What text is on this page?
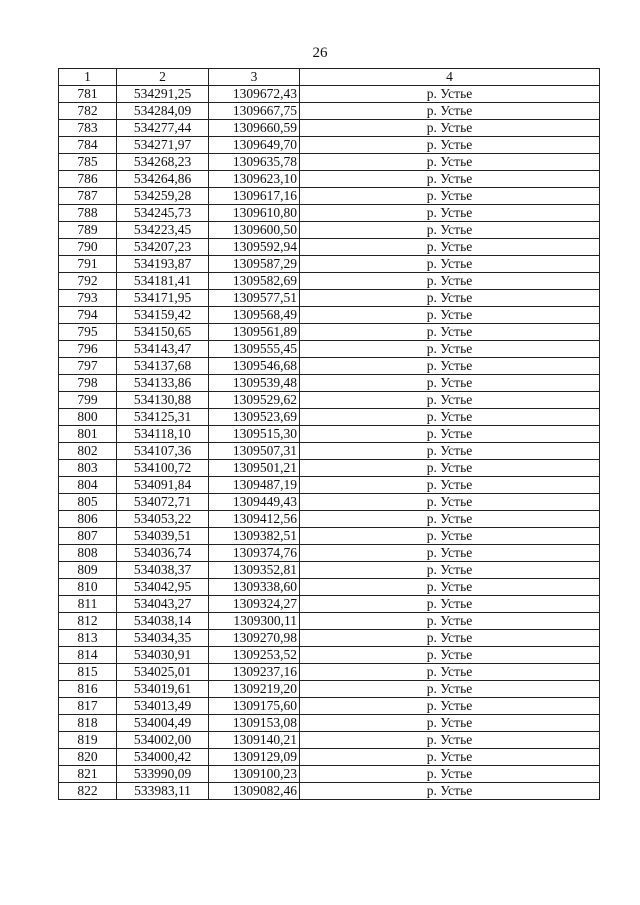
26
1	2	3	4
781	534291,25	1309672,43	р. Устье
782	534284,09	1309667,75	р. Устье
783	534277,44	1309660,59	р. Устье
784	534271,97	1309649,70	р. Устье
785	534268,23	1309635,78	р. Устье
786	534264,86	1309623,10	р. Устье
787	534259,28	1309617,16	р. Устье
788	534245,73	1309610,80	р. Устье
789	534223,45	1309600,50	р. Устье
790	534207,23	1309592,94	р. Устье
791	534193,87	1309587,29	р. Устье
792	534181,41	1309582,69	р. Устье
793	534171,95	1309577,51	р. Устье
794	534159,42	1309568,49	р. Устье
795	534150,65	1309561,89	р. Устье
796	534143,47	1309555,45	р. Устье
797	534137,68	1309546,68	р. Устье
798	534133,86	1309539,48	р. Устье
799	534130,88	1309529,62	р. Устье
800	534125,31	1309523,69	р. Устье
801	534118,10	1309515,30	р. Устье
802	534107,36	1309507,31	р. Устье
803	534100,72	1309501,21	р. Устье
804	534091,84	1309487,19	р. Устье
805	534072,71	1309449,43	р. Устье
806	534053,22	1309412,56	р. Устье
807	534039,51	1309382,51	р. Устье
808	534036,74	1309374,76	р. Устье
809	534038,37	1309352,81	р. Устье
810	534042,95	1309338,60	р. Устье
811	534043,27	1309324,27	р. Устье
812	534038,14	1309300,11	р. Устье
813	534034,35	1309270,98	р. Устье
814	534030,91	1309253,52	р. Устье
815	534025,01	1309237,16	р. Устье
816	534019,61	1309219,20	р. Устье
817	534013,49	1309175,60	р. Устье
818	534004,49	1309153,08	р. Устье
819	534002,00	1309140,21	р. Устье
820	534000,42	1309129,09	р. Устье
821	533990,09	1309100,23	р. Устье
822	533983,11	1309082,46	р. Устье
